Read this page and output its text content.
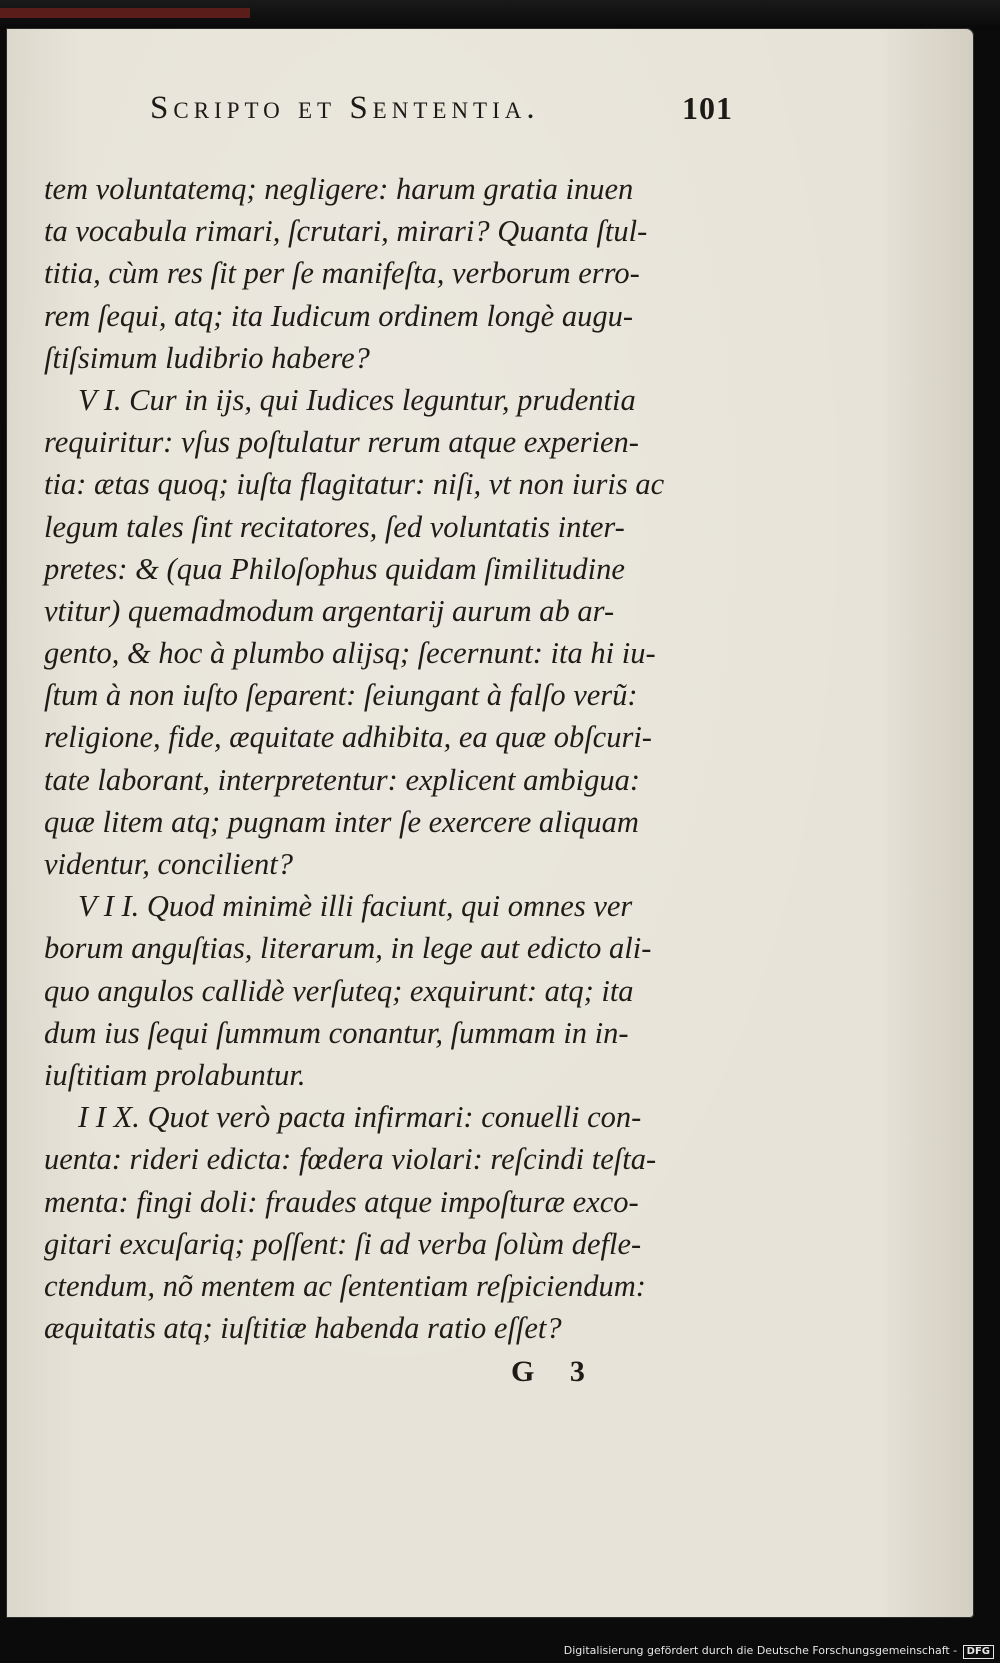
Scripto et Sententia.	101
tem voluntatemq; negligere: harum gratia inuen
ta vocabula rimari, ſcrutari, mirari? Quanta ſtul-
titia, cùm res ſit per ſe manifeſta, verborum erro-
rem ſequi, atq; ita Iudicum ordinem longè augu-
ſtiſsimum ludibrio habere?
V I. Cur in ijs, qui Iudices leguntur, prudentia
requiritur: vſus poſtulatur rerum atque experien-
tia: ætas quoq; iuſta flagitatur: niſi, vt non iuris ac
legum tales ſint recitatores, ſed voluntatis inter-
pretes: & (qua Philoſophus quidam ſimilitudine
vtitur) quemadmodum argentarij aurum ab ar-
gento, & hoc à plumbo alijsq; ſecernunt: ita hi iu-
ſtum à non iuſto ſeparent: ſeiungant à falſo verũ:
religione, fide, æquitate adhibita, ea quæ obſcuri-
tate laborant, interpretentur: explicent ambigua:
quæ litem atq; pugnam inter ſe exercere aliquam
videntur, concilient?
V I I. Quod minimè illi faciunt, qui omnes ver
borum anguſtias, literarum, in lege aut edicto ali-
quo angulos callidè verſuteq; exquirunt: atq; ita
dum ius ſequi ſummum conantur, ſummam in in-
iuſtitiam prolabuntur.
I I X. Quot verò pacta infirmari: conuelli con-
uenta: rideri edicta: fœdera violari: reſcindi teſta-
menta: fingi doli: fraudes atque impoſturæ exco-
gitari excuſariq; poſſent: ſi ad verba ſolùm defle-
ctendum, nõ mentem ac ſententiam reſpiciendum:
æquitatis atq; iuſtitiæ habenda ratio eſſet?
G 3
Digitalisierung gefördert durch die Deutsche Forschungsgemeinschaft - DFG
